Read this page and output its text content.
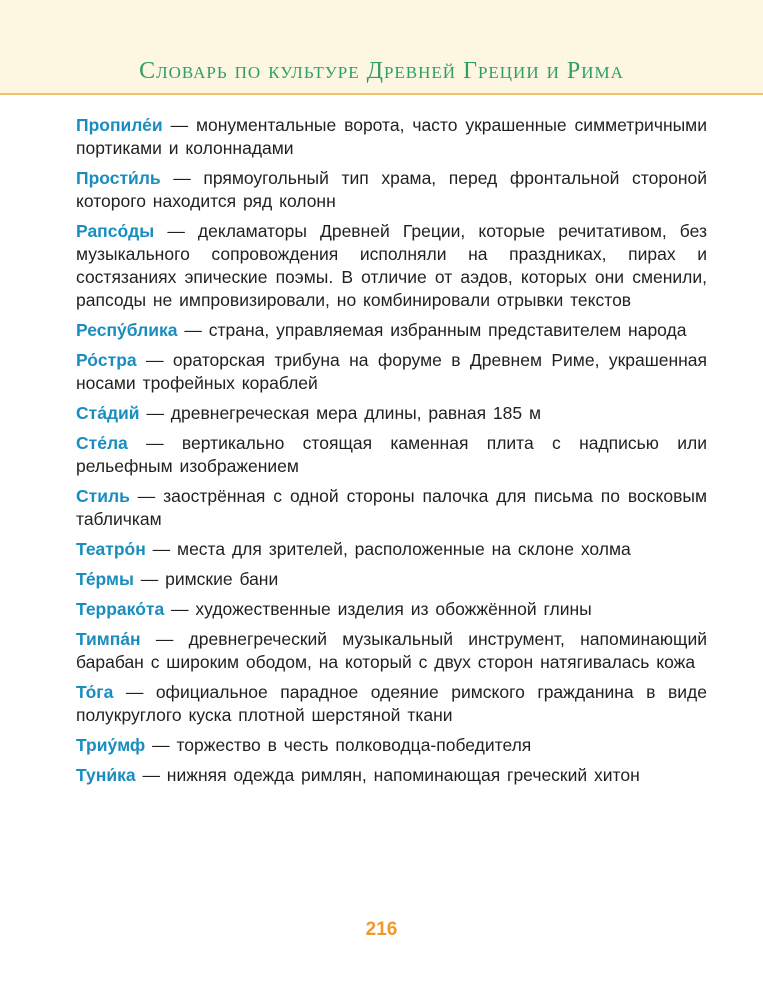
Словарь по культуре Древней Греции и Рима

Пропиле́и — монументальные ворота, часто украшенные симметричными портиками и колоннадами

Прости́ль — прямоугольный тип храма, перед фронтальной стороной которого находится ряд колонн

Рапсо́ды — декламаторы Древней Греции, которые речитативом, без музыкального сопровождения исполняли на праздниках, пирах и состязаниях эпические поэмы. В отличие от аэдов, которых они сменили, рапсоды не импровизировали, но комбинировали отрывки текстов

Респу́блика — страна, управляемая избранным представителем народа

Ро́стра — ораторская трибуна на форуме в Древнем Риме, украшенная носами трофейных кораблей

Ста́дий — древнегреческая мера длины, равная 185 м

Сте́ла — вертикально стоящая каменная плита с надписью или рельефным изображением

Стиль — заострённая с одной стороны палочка для письма по восковым табличкам

Театро́н — места для зрителей, расположенные на склоне холма

Те́рмы — римские бани

Террако́та — художественные изделия из обожжённой глины

Тимпа́н — древнегреческий музыкальный инструмент, напоминающий барабан с широким ободом, на который с двух сторон натягивалась кожа

То́га — официальное парадное одеяние римского гражданина в виде полукруглого куска плотной шерстяной ткани

Триу́мф — торжество в честь полководца-победителя

Туни́ка — нижняя одежда римлян, напоминающая греческий хитон

216
